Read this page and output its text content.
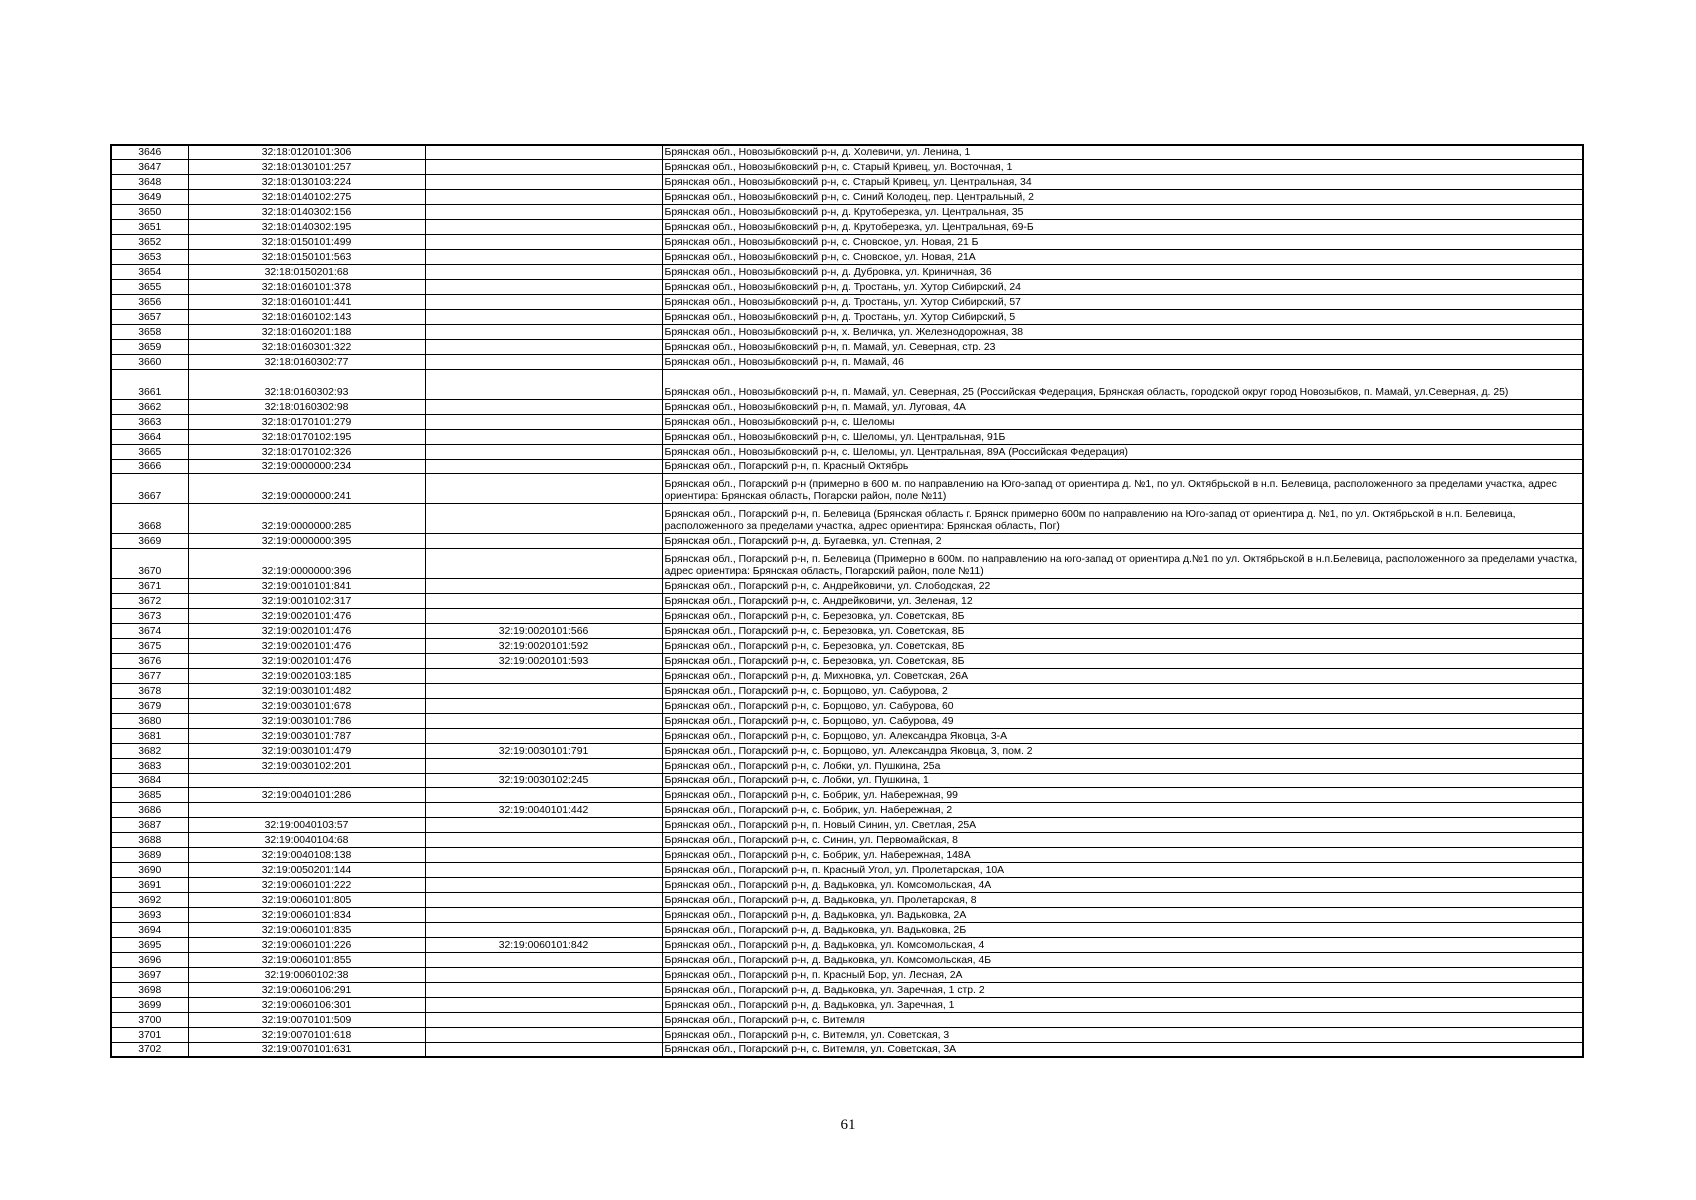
3646	32:18:0120101:306		Брянская обл., Новозыбковский р-н, д. Холевичи, ул. Ленина, 1
3647	32:18:0130101:257		Брянская обл., Новозыбковский р-н, с. Старый Кривец, ул. Восточная, 1
3648	32:18:0130103:224		Брянская обл., Новозыбковский р-н, с. Старый Кривец, ул. Центральная, 34
3649	32:18:0140102:275		Брянская обл., Новозыбковский р-н, с. Синий Колодец, пер. Центральный, 2
3650	32:18:0140302:156		Брянская обл., Новозыбковский р-н, д. Крутоберезка, ул. Центральная, 35
3651	32:18:0140302:195		Брянская обл., Новозыбковский р-н, д. Крутоберезка, ул. Центральная, 69-Б
3652	32:18:0150101:499		Брянская обл., Новозыбковский р-н, с. Сновское, ул. Новая, 21 Б
3653	32:18:0150101:563		Брянская обл., Новозыбковский р-н, с. Сновское, ул. Новая, 21А
3654	32:18:0150201:68		Брянская обл., Новозыбковский р-н, д. Дубровка, ул. Криничная, 36
3655	32:18:0160101:378		Брянская обл., Новозыбковский р-н, д. Тростань, ул. Хутор Сибирский, 24
3656	32:18:0160101:441		Брянская обл., Новозыбковский р-н, д. Тростань, ул. Хутор Сибирский, 57
3657	32:18:0160102:143		Брянская обл., Новозыбковский р-н, д. Тростань, ул. Хутор Сибирский, 5
3658	32:18:0160201:188		Брянская обл., Новозыбковский р-н, х. Величка, ул. Железнодорожная, 38
3659	32:18:0160301:322		Брянская обл., Новозыбковский р-н, п. Мамай, ул. Северная, стр. 23
3660	32:18:0160302:77		Брянская обл., Новозыбковский р-н, п. Мамай, 46
3661	32:18:0160302:93		Брянская обл., Новозыбковский р-н, п. Мамай, ул. Северная, 25 (Российская Федерация, Брянская область, городской округ город Новозыбков, п. Мамай, ул.Северная, д. 25)
3662	32:18:0160302:98		Брянская обл., Новозыбковский р-н, п. Мамай, ул. Луговая, 4А
3663	32:18:0170101:279		Брянская обл., Новозыбковский р-н, с. Шеломы
3664	32:18:0170102:195		Брянская обл., Новозыбковский р-н, с. Шеломы, ул. Центральная, 91Б
3665	32:18:0170102:326		Брянская обл., Новозыбковский р-н, с. Шеломы, ул. Центральная, 89А (Российская Федерация)
3666	32:19:0000000:234		Брянская обл., Погарский р-н, п. Красный Октябрь
3667	32:19:0000000:241		Брянская обл., Погарский р-н (примерно в 600 м. по направлению на Юго-запад от ориентира д. №1, по ул. Октябрьской в н.п. Белевица, расположенного за пределами участка, адрес ориентира: Брянская область, Погарски район, поле №11)
3668	32:19:0000000:285		Брянская обл., Погарский р-н, п. Белевица (Брянская область г. Брянск примерно 600м по направлению на Юго-запад от ориентира д. №1, по ул. Октябрьской в н.п. Белевица, расположенного за пределами участка, адрес ориентира: Брянская область, Пог)
3669	32:19:0000000:395		Брянская обл., Погарский р-н, д. Бугаевка, ул. Степная, 2
3670	32:19:0000000:396		Брянская обл., Погарский р-н, п. Белевица (Примерно в 600м. по направлению на юго-запад от ориентира д.№1 по ул. Октябрьской в н.п.Белевица, расположенного за пределами участка, адрес ориентира: Брянская область, Погарский район, поле №11)
3671	32:19:0010101:841		Брянская обл., Погарский р-н, с. Андрейковичи, ул. Слободская, 22
3672	32:19:0010102:317		Брянская обл., Погарский р-н, с. Андрейковичи, ул. Зеленая, 12
3673	32:19:0020101:476		Брянская обл., Погарский р-н, с. Березовка, ул. Советская, 8Б
3674	32:19:0020101:476	32:19:0020101:566	Брянская обл., Погарский р-н, с. Березовка, ул. Советская, 8Б
3675	32:19:0020101:476	32:19:0020101:592	Брянская обл., Погарский р-н, с. Березовка, ул. Советская, 8Б
3676	32:19:0020101:476	32:19:0020101:593	Брянская обл., Погарский р-н, с. Березовка, ул. Советская, 8Б
3677	32:19:0020103:185		Брянская обл., Погарский р-н, д. Михновка, ул. Советская, 26А
3678	32:19:0030101:482		Брянская обл., Погарский р-н, с. Борщово, ул. Сабурова, 2
3679	32:19:0030101:678		Брянская обл., Погарский р-н, с. Борщово, ул. Сабурова, 60
3680	32:19:0030101:786		Брянская обл., Погарский р-н, с. Борщово, ул. Сабурова, 49
3681	32:19:0030101:787		Брянская обл., Погарский р-н, с. Борщово, ул. Александра Яковца, 3-А
3682	32:19:0030101:479	32:19:0030101:791	Брянская обл., Погарский р-н, с. Борщово, ул. Александра Яковца, 3, пом. 2
3683	32:19:0030102:201		Брянская обл., Погарский р-н, с. Лобки, ул. Пушкина, 25а
3684		32:19:0030102:245	Брянская обл., Погарский р-н, с. Лобки, ул. Пушкина, 1
3685	32:19:0040101:286		Брянская обл., Погарский р-н, с. Бобрик, ул. Набережная, 99
3686		32:19:0040101:442	Брянская обл., Погарский р-н, с. Бобрик, ул. Набережная, 2
3687	32:19:0040103:57		Брянская обл., Погарский р-н, п. Новый Синин, ул. Светлая, 25А
3688	32:19:0040104:68		Брянская обл., Погарский р-н, с. Синин, ул. Первомайская, 8
3689	32:19:0040108:138		Брянская обл., Погарский р-н, с. Бобрик, ул. Набережная, 148А
3690	32:19:0050201:144		Брянская обл., Погарский р-н, п. Красный Угол, ул. Пролетарская, 10А
3691	32:19:0060101:222		Брянская обл., Погарский р-н, д. Вадьковка, ул. Комсомольская, 4А
3692	32:19:0060101:805		Брянская обл., Погарский р-н, д. Вадьковка, ул. Пролетарская, 8
3693	32:19:0060101:834		Брянская обл., Погарский р-н, д. Вадьковка, ул. Вадьковка, 2А
3694	32:19:0060101:835		Брянская обл., Погарский р-н, д. Вадьковка, ул. Вадьковка, 2Б
3695	32:19:0060101:226	32:19:0060101:842	Брянская обл., Погарский р-н, д. Вадьковка, ул. Комсомольская, 4
3696	32:19:0060101:855		Брянская обл., Погарский р-н, д. Вадьковка, ул. Комсомольская, 4Б
3697	32:19:0060102:38		Брянская обл., Погарский р-н, п. Красный Бор, ул. Лесная, 2А
3698	32:19:0060106:291		Брянская обл., Погарский р-н, д. Вадьковка, ул. Заречная, 1 стр. 2
3699	32:19:0060106:301		Брянская обл., Погарский р-н, д. Вадьковка, ул. Заречная, 1
3700	32:19:0070101:509		Брянская обл., Погарский р-н, с. Витемля
3701	32:19:0070101:618		Брянская обл., Погарский р-н, с. Витемля, ул. Советская, 3
3702	32:19:0070101:631		Брянская обл., Погарский р-н, с. Витемля, ул. Советская, 3А
61
